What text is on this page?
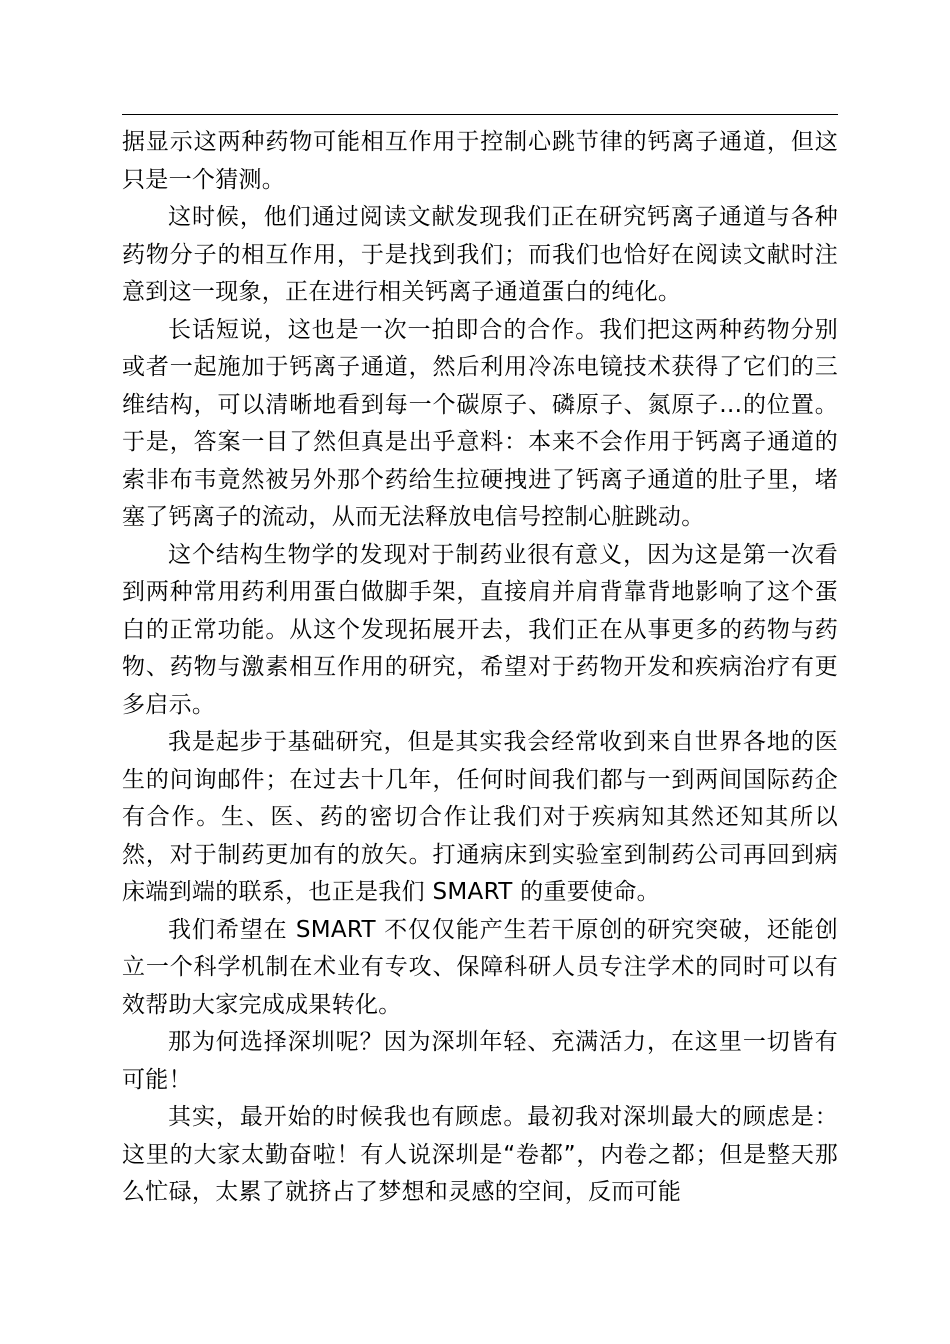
据显示这两种药物可能相互作用于控制心跳节律的钙离子通道，但这只是一个猜测。

这时候，他们通过阅读文献发现我们正在研究钙离子通道与各种药物分子的相互作用，于是找到我们；而我们也恰好在阅读文献时注意到这一现象，正在进行相关钙离子通道蛋白的纯化。

长话短说，这也是一次一拍即合的合作。我们把这两种药物分别或者一起施加于钙离子通道，然后利用冷冻电镜技术获得了它们的三维结构，可以清晰地看到每一个碳原子、磷原子、氮原子…的位置。于是，答案一目了然但真是出乎意料：本来不会作用于钙离子通道的索非布韦竟然被另外那个药给生拉硬拽进了钙离子通道的肚子里，堵塞了钙离子的流动，从而无法释放电信号控制心脏跳动。

这个结构生物学的发现对于制药业很有意义，因为这是第一次看到两种常用药利用蛋白做脚手架，直接肩并肩背靠背地影响了这个蛋白的正常功能。从这个发现拓展开去，我们正在从事更多的药物与药物、药物与激素相互作用的研究，希望对于药物开发和疾病治疗有更多启示。

我是起步于基础研究，但是其实我会经常收到来自世界各地的医生的问询邮件；在过去十几年，任何时间我们都与一到两间国际药企有合作。生、医、药的密切合作让我们对于疾病知其然还知其所以然，对于制药更加有的放矢。打通病床到实验室到制药公司再回到病床端到端的联系，也正是我们 SMART 的重要使命。

我们希望在 SMART 不仅仅能产生若干原创的研究突破，还能创立一个科学机制在术业有专攻、保障科研人员专注学术的同时可以有效帮助大家完成成果转化。

那为何选择深圳呢？因为深圳年轻、充满活力，在这里一切皆有可能！

其实，最开始的时候我也有顾虑。最初我对深圳最大的顾虑是：这里的大家太勤奋啦！有人说深圳是“卷都”，内卷之都；但是整天那么忙碌，太累了就挤占了梦想和灵感的空间，反而可能
